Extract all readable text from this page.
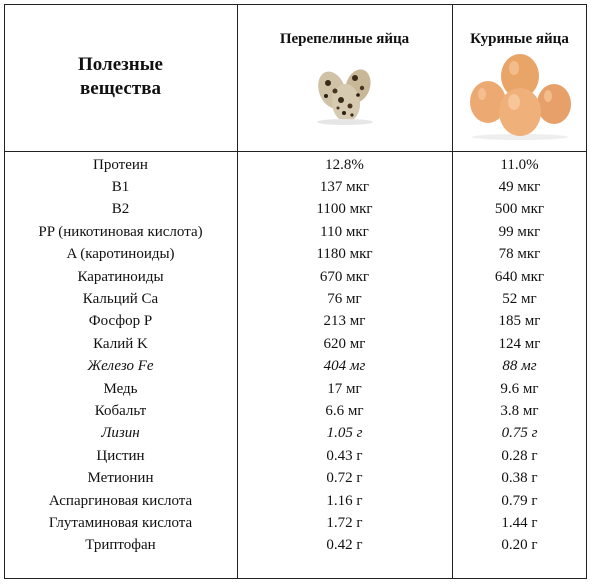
Полезные вещества
Перепелиные яйца	Куриные яйца
Протеин	12.8%	11.0%
B1	137 мкг	49 мкг
B2	1100 мкг	500 мкг
PP (никотиновая кислота)	110 мкг	99 мкг
A (каротиноиды)	1180 мкг	78 мкг
Каратиноиды	670 мкг	640 мкг
Кальций Ca	76 мг	52 мг
Фосфор P	213 мг	185 мг
Калий K	620 мг	124 мг
Железо Fe	404 мг	88 мг
Медь	17 мг	9.6 мг
Кобальт	6.6 мг	3.8 мг
Лизин	1.05 г	0.75 г
Цистин	0.43 г	0.28 г
Метионин	0.72 г	0.38 г
Аспаргиновая кислота	1.16 г	0.79 г
Глутаминовая кислота	1.72 г	1.44 г
Триптофан	0.42 г	0.20 г
